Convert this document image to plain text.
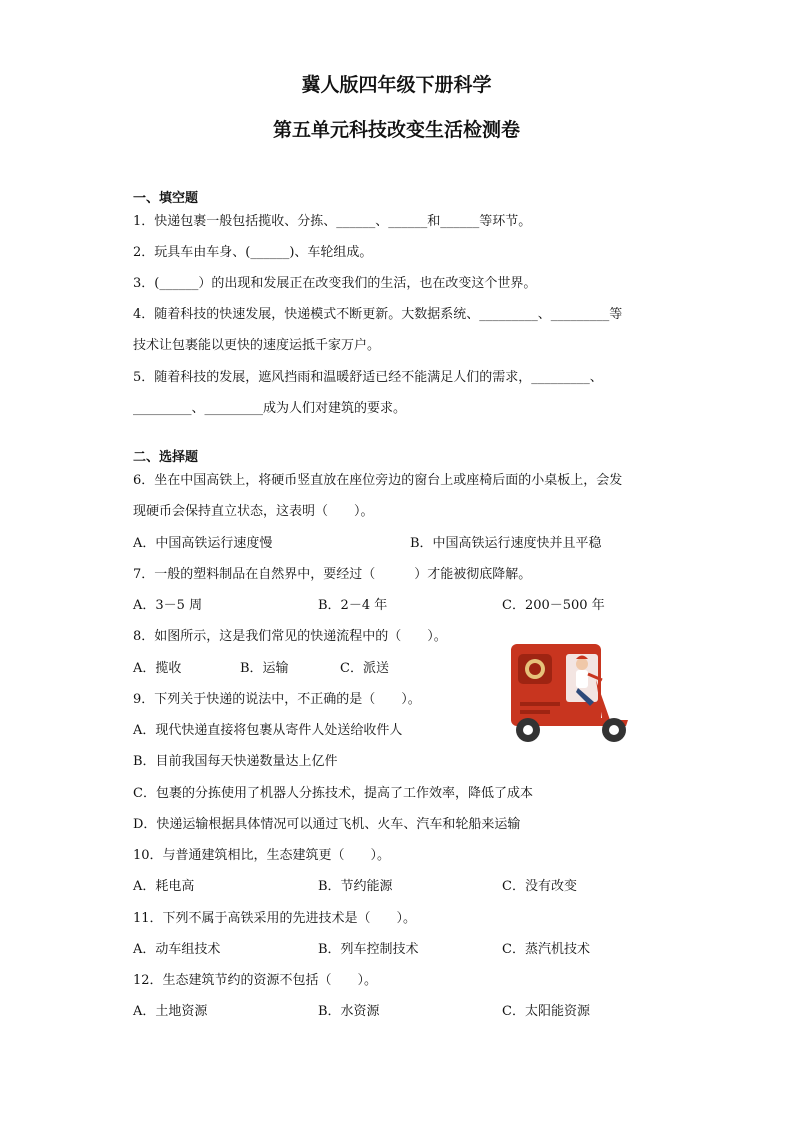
冀人版四年级下册科学
第五单元科技改变生活检测卷
一、填空题
1．快递包裹一般包括揽收、分拣、______、______和______等环节。
2．玩具车由车身、(______)、车轮组成。
3．(______）的出现和发展正在改变我们的生活，也在改变这个世界。
4．随着科技的快速发展，快递模式不断更新。大数据系统、_________、_________等
技术让包裹能以更快的速度运抵千家万户。
5．随着科技的发展，遮风挡雨和温暖舒适已经不能满足人们的需求，_________、
_________、_________成为人们对建筑的要求。
二、选择题
6．坐在中国高铁上，将硬币竖直放在座位旁边的窗台上或座椅后面的小桌板上，会发
现硬币会保持直立状态，这表明（　　）。
A．中国高铁运行速度慢	B．中国高铁运行速度快并且平稳
7．一般的塑料制品在自然界中，要经过（　　　）才能被彻底降解。
A．3－5 周	B．2－4 年	C．200－500 年
8．如图所示，这是我们常见的快递流程中的（　　）。
A．揽收	B．运输	C．派送
9．下列关于快递的说法中，不正确的是（　　）。
A．现代快递直接将包裹从寄件人处送给收件人
B．目前我国每天快递数量达上亿件
C．包裹的分拣使用了机器人分拣技术，提高了工作效率，降低了成本
D．快递运输根据具体情况可以通过飞机、火车、汽车和轮船来运输
10．与普通建筑相比，生态建筑更（　　）。
A．耗电高	B．节约能源	C．没有改变
11．下列不属于高铁采用的先进技术是（　　）。
A．动车组技术	B．列车控制技术	C．蒸汽机技术
12．生态建筑节约的资源不包括（　　）。
A．土地资源	B．水资源	C．太阳能资源
